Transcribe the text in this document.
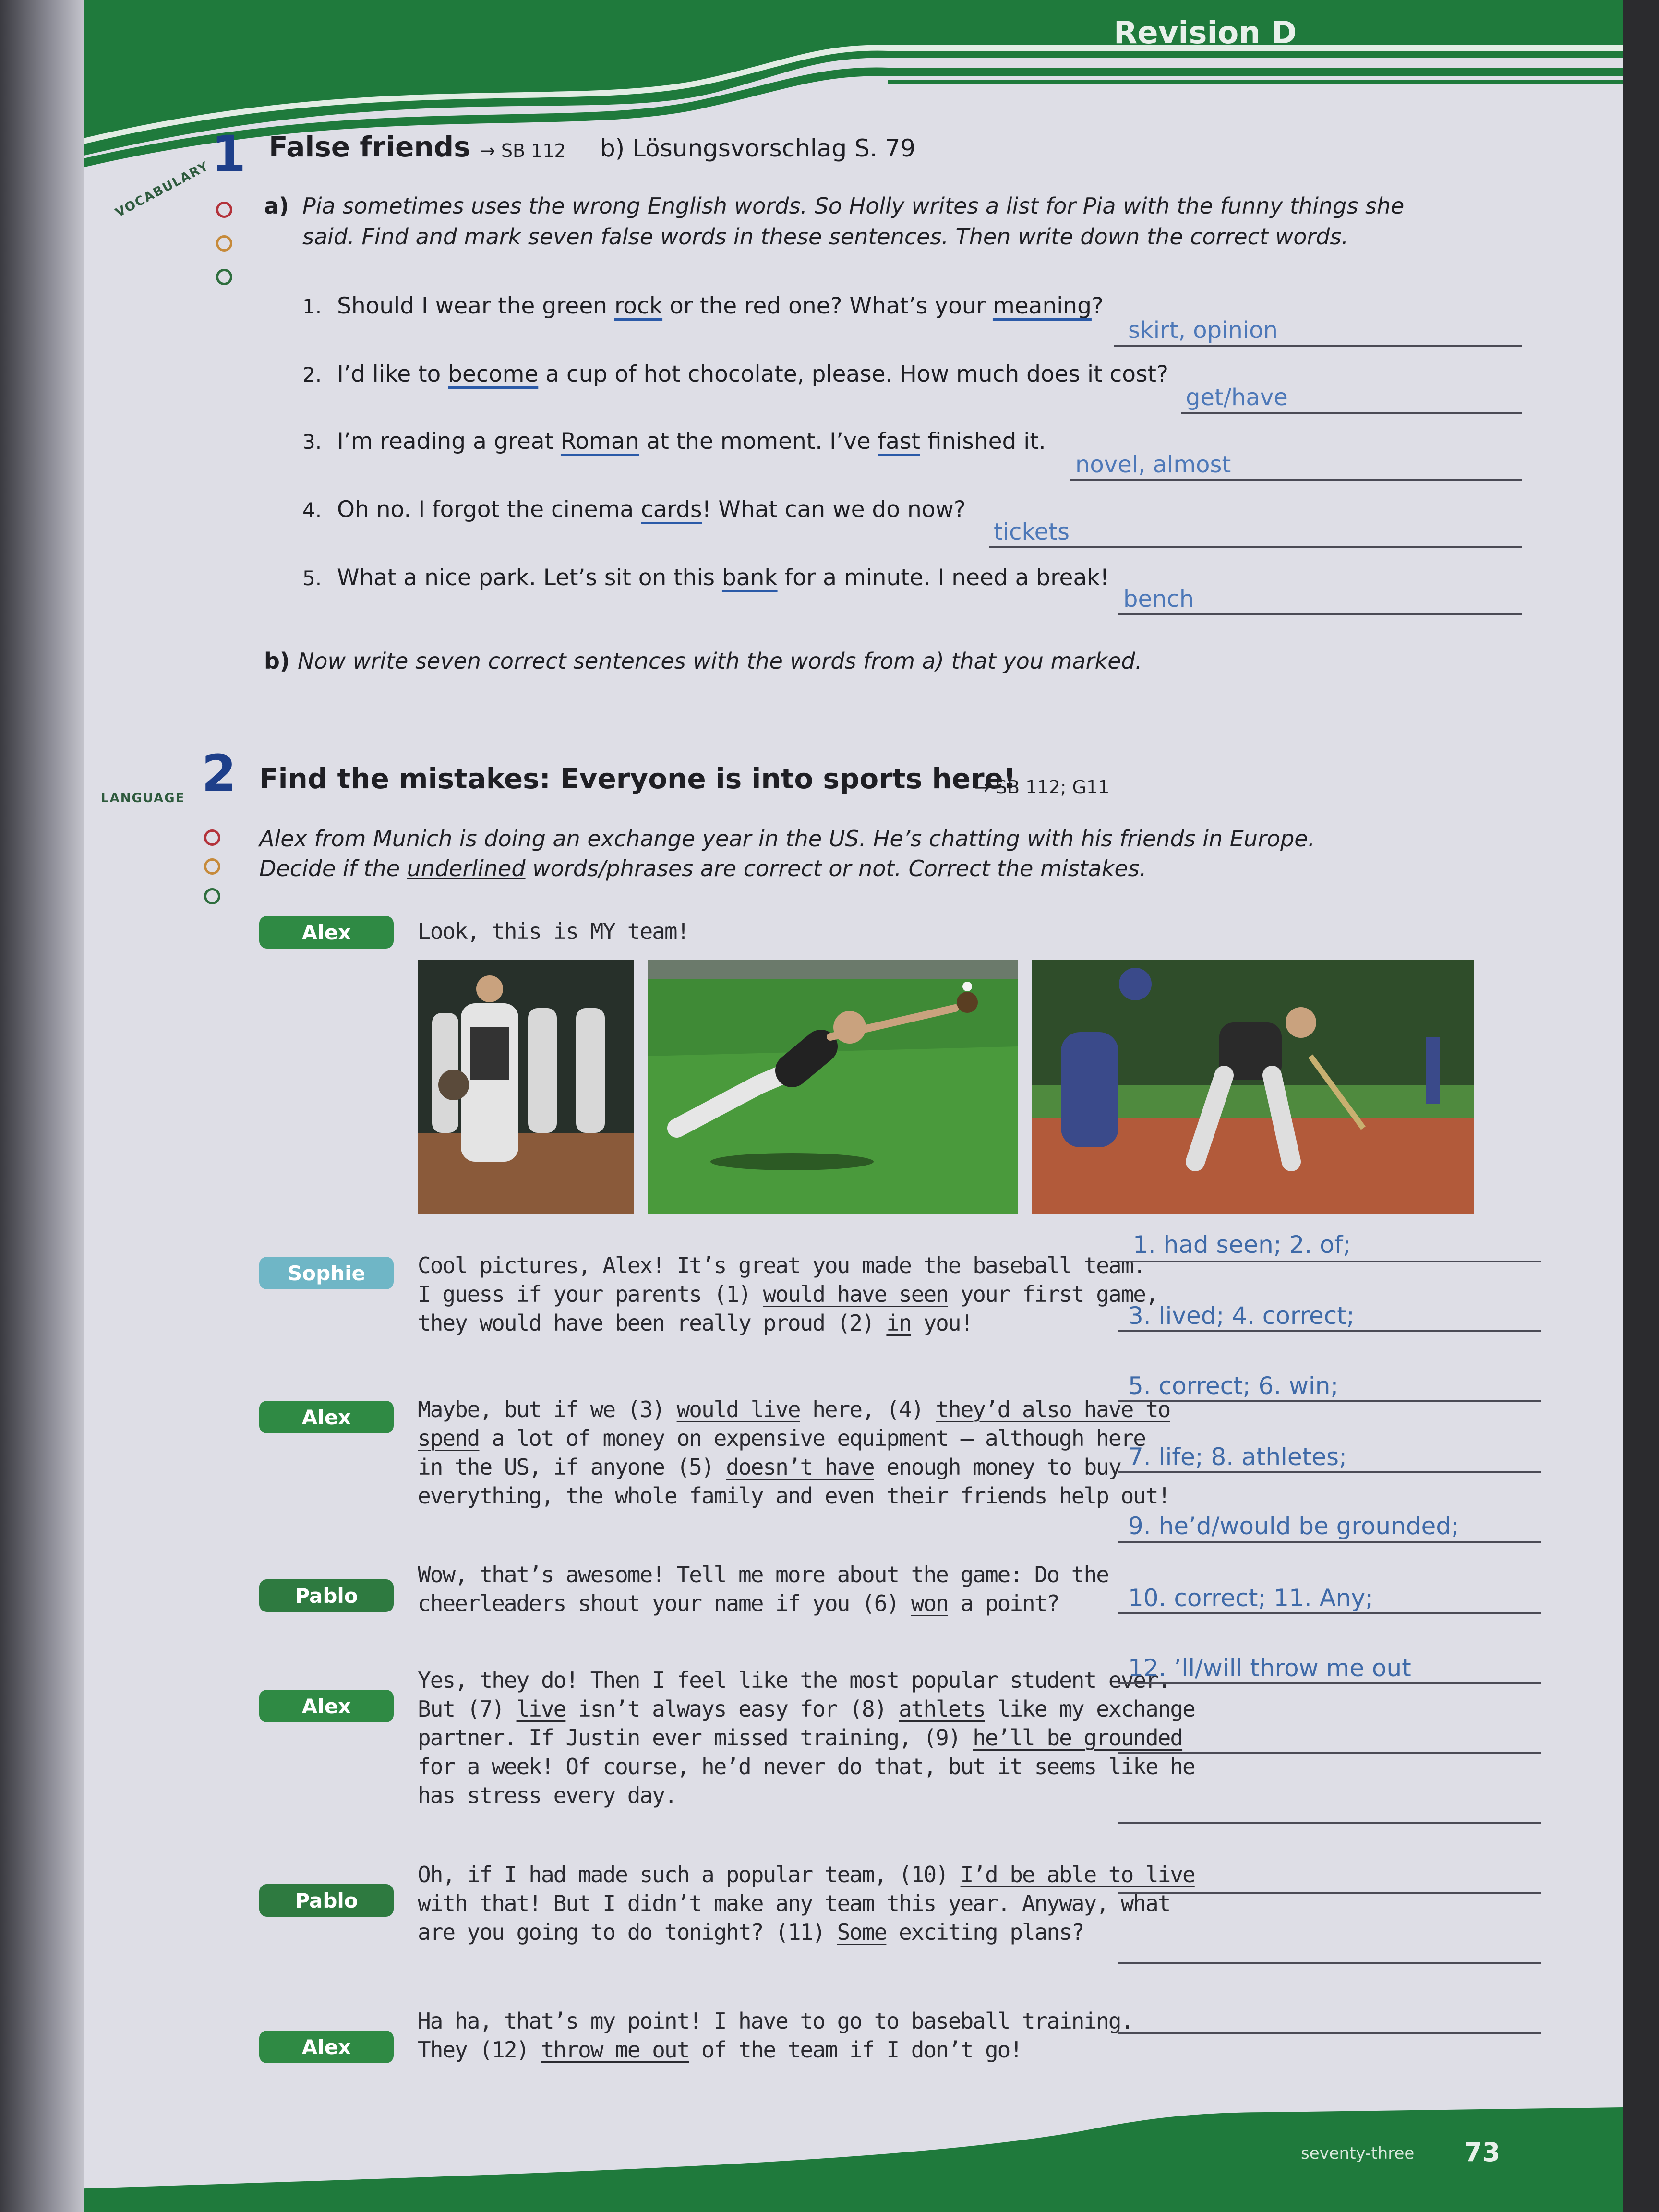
Revision D
VOCABULARY
1 False friends → SB 112 b) Lösungsvorschlag S. 79
a) Pia sometimes uses the wrong English words. So Holly writes a list for Pia with the funny things she
said. Find and mark seven false words in these sentences. Then write down the correct words.
1. Should I wear the green rock or the red one? What’s your meaning?
skirt, opinion
2. I’d like to become a cup of hot chocolate, please. How much does it cost?
get/have
3. I’m reading a great Roman at the moment. I’ve fast finished it.
novel, almost
4. Oh no. I forgot the cinema cards! What can we do now?
tickets
5. What a nice park. Let’s sit on this bank for a minute. I need a break!
bench
b) Now write seven correct sentences with the words from a) that you marked.
LANGUAGE 2 Find the mistakes: Everyone is into sports here!
→ SB 112; G11
Alex from Munich is doing an exchange year in the US. He’s chatting with his friends in Europe.
Decide if the underlined words/phrases are correct or not. Correct the mistakes.
Alex	Look, this is MY team!
Sophie	Cool pictures, Alex! It’s great you made the baseball team.
I guess if your parents (1) would have seen your first game,
they would have been really proud (2) in you!
Alex	Maybe, but if we (3) would live here, (4) they’d also have to
spend a lot of money on expensive equipment – although here
in the US, if anyone (5) doesn’t have enough money to buy
everything, the whole family and even their friends help out!
Pablo
Wow, that’s awesome! Tell me more about the game: Do the
cheerleaders shout your name if you (6) won a point?
Alex
Yes, they do! Then I feel like the most popular student ever.
But (7) live isn’t always easy for (8) athlets like my exchange
partner. If Justin ever missed training, (9) he’ll be grounded
for a week! Of course, he’d never do that, but it seems like he
has stress every day.
Pablo
Oh, if I had made such a popular team, (10) I’d be able to live
with that! But I didn’t make any team this year. Anyway, what
are you going to do tonight? (11) Some exciting plans?
Alex
Ha ha, that’s my point! I have to go to baseball training.
They (12) throw me out of the team if I don’t go!
1. had seen; 2. of;
3. lived; 4. correct;
5. correct; 6. win;
7. life; 8. athletes;
9. he’d/would be grounded;
10. correct; 11. Any;
12. ’ll/will throw me out
seventy-three 73
